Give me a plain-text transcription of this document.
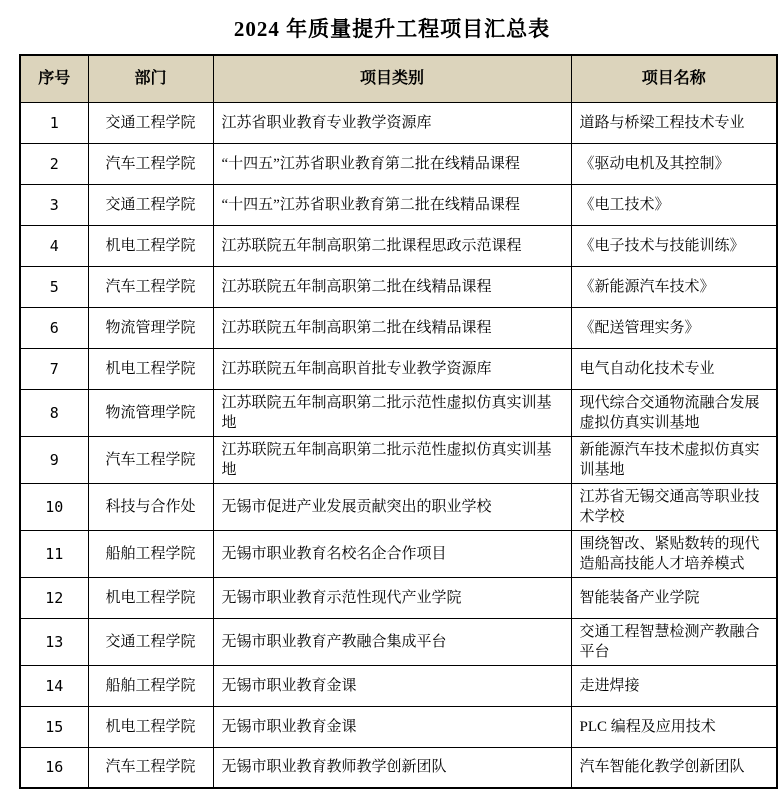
2024 年质量提升工程项目汇总表
序号	部门	项目类别	项目名称
1	交通工程学院	江苏省职业教育专业教学资源库	道路与桥梁工程技术专业
2	汽车工程学院	“十四五”江苏省职业教育第二批在线精品课程	《驱动电机及其控制》
3	交通工程学院	“十四五”江苏省职业教育第二批在线精品课程	《电工技术》
4	机电工程学院	江苏联院五年制高职第二批课程思政示范课程	《电子技术与技能训练》
5	汽车工程学院	江苏联院五年制高职第二批在线精品课程	《新能源汽车技术》
6	物流管理学院	江苏联院五年制高职第二批在线精品课程	《配送管理实务》
7	机电工程学院	江苏联院五年制高职首批专业教学资源库	电气自动化技术专业
8	物流管理学院	江苏联院五年制高职第二批示范性虚拟仿真实训基地	现代综合交通物流融合发展虚拟仿真实训基地
9	汽车工程学院	江苏联院五年制高职第二批示范性虚拟仿真实训基地	新能源汽车技术虚拟仿真实训基地
10	科技与合作处	无锡市促进产业发展贡献突出的职业学校	江苏省无锡交通高等职业技术学校
11	船舶工程学院	无锡市职业教育名校名企合作项目	围绕智改、紧贴数转的现代造船高技能人才培养模式
12	机电工程学院	无锡市职业教育示范性现代产业学院	智能装备产业学院
13	交通工程学院	无锡市职业教育产教融合集成平台	交通工程智慧检测产教融合平台
14	船舶工程学院	无锡市职业教育金课	走进焊接
15	机电工程学院	无锡市职业教育金课	PLC 编程及应用技术
16	汽车工程学院	无锡市职业教育教师教学创新团队	汽车智能化教学创新团队
